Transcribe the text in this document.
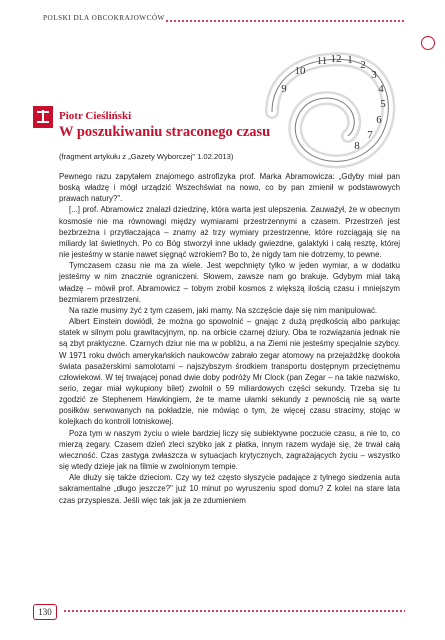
POLSKI DLA OBCOKRAJOWCÓW
11 12 1 2
3
4
5
6
7
8
9
10
Piotr Cieśliński
W poszukiwaniu straconego czasu
(fragment artykułu z „Gazety Wyborczej" 1.02.2013)

Pewnego razu zapytałem znajomego astrofizyka prof. Marka Abramowicza: „Gdyby miał pan boską władzę i mógł urządzić Wszechświat na nowo, co by pan zmienił w podstawowych prawach natury?".

[...] prof. Abramowicz znalazł dziedzinę, która warta jest ulepszenia. Zauważył, że w obecnym kosmosie nie ma równowagi między wymiarami przestrzennymi a czasem. Przestrzeń jest bezbrzeżna i przytłaczająca – znamy aż trzy wymiary przestrzenne, które rozciągają się na miliardy lat świetlnych. Po co Bóg stworzył inne układy gwiezdne, galaktyki i całą resztę, której nie jesteśmy w stanie nawet sięgnąć wzrokiem? Bo to, że nigdy tam nie dotrzemy, to pewne.

Tymczasem czasu nie ma za wiele. Jest wepchnięty tylko w jeden wymiar, a w dodatku jesteśmy w nim znacznie ograniczeni. Słowem, zawsze nam go brakuje. Gdybym miał taką władzę – mówił prof. Abramowicz – tobym zrobił kosmos z większą ilością czasu i mniejszym bezmiarem przestrzeni.

Na razie musimy żyć z tym czasem, jaki mamy. Na szczęście daje się nim manipulować.

Albert Einstein dowiódł, że można go spowolnić – gnając z dużą prędkością albo parkując statek w silnym polu grawitacyjnym, np. na orbicie czarnej dziury. Oba te rozwiązania jednak nie są zbyt praktyczne. Czarnych dziur nie ma w pobliżu, a na Ziemi nie jesteśmy specjalnie szybcy. W 1971 roku dwóch amerykańskich naukowców zabrało zegar atomowy na przejażdżkę dookoła świata pasażerskimi samolotami – najszybszym środkiem transportu dostępnym przeciętnemu człowiekowi. W tej trwającej ponad dwie doby podróży Mr Clock (pan Zegar – na takie nazwisko, serio, zegar miał wykupiony bilet) zwolnił o 59 miliardowych części sekundy. Trzeba się tu zgodzić ze Stephenem Hawkingiem, że te marne ułamki sekundy z pewnością nie są warte posiłków serwowanych na pokładzie, nie mówiąc o tym, że więcej czasu stracimy, stojąc w kolejkach do kontroli lotniskowej.

Poza tym w naszym życiu o wiele bardziej liczy się subiektywne poczucie czasu, a nie to, co mierzą zegary. Czasem dzień zleci szybko jak z płatka, innym razem wydaje się, że trwał całą wieczność. Czas zastyga zwłaszcza w sytuacjach krytycznych, zagrażających życiu – wszystko się wtedy dzieje jak na filmie w zwolnionym tempie.

Ale dłuży się także dzieciom. Czy wy też często słyszycie padające z tylnego siedzenia auta sakramentalne „długo jeszcze?" już 10 minut po wyruszeniu spod domu? Z kolei na stare lata czas przyspiesza. Jeśli więc tak jak ja ze zdumieniem

130
